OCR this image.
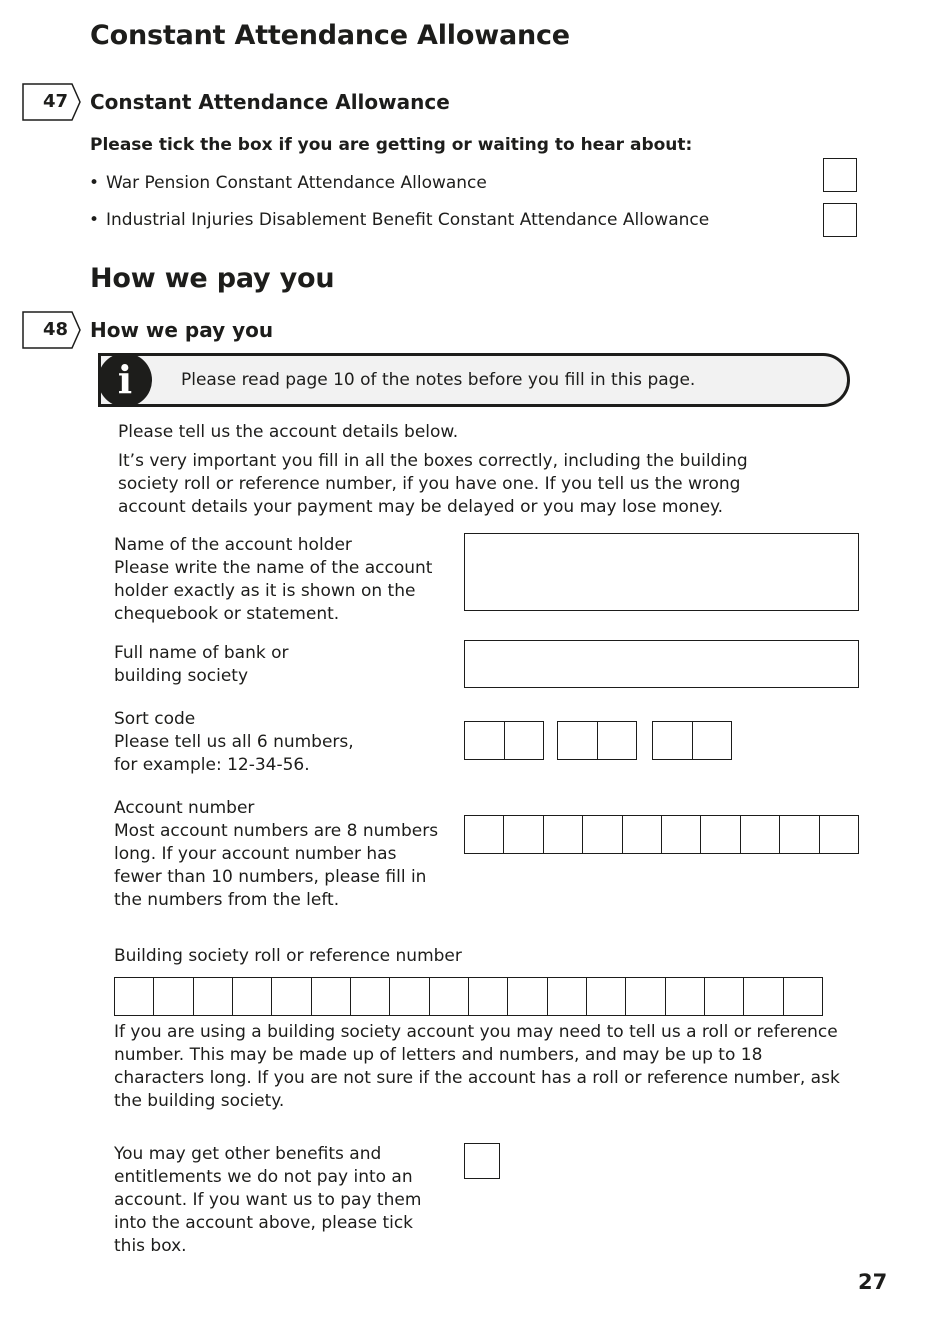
Constant Attendance Allowance
47 Constant Attendance Allowance
Please tick the box if you are getting or waiting to hear about:
• War Pension Constant Attendance Allowance
• Industrial Injuries Disablement Benefit Constant Attendance Allowance
How we pay you
48 How we pay you
i	Please read page 10 of the notes before you fill in this page.
Please tell us the account details below.
It’s very important you fill in all the boxes correctly, including the building society roll or reference number, if you have one. If you tell us the wrong account details your payment may be delayed or you may lose money.
Name of the account holder
Please write the name of the account holder exactly as it is shown on the chequebook or statement.
Full name of bank or building society
Sort code
Please tell us all 6 numbers, for example: 12-34-56.
Account number
Most account numbers are 8 numbers long. If your account number has fewer than 10 numbers, please fill in the numbers from the left.
Building society roll or reference number
If you are using a building society account you may need to tell us a roll or reference number. This may be made up of letters and numbers, and may be up to 18 characters long. If you are not sure if the account has a roll or reference number, ask the building society.
You may get other benefits and entitlements we do not pay into an account. If you want us to pay them into the account above, please tick this box.
27
